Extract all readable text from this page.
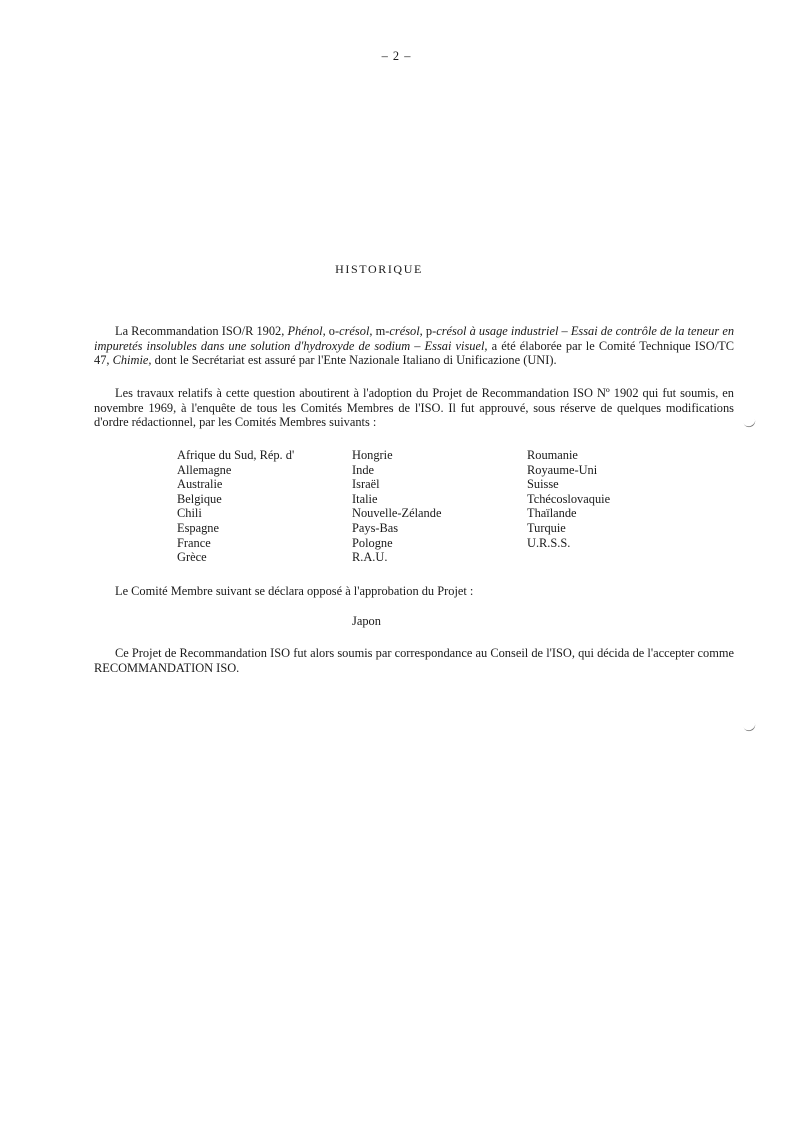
– 2 –
HISTORIQUE

La Recommandation ISO/R 1902, Phénol, o-crésol, m-crésol, p-crésol à usage industriel – Essai de contrôle de la teneur en impuretés insolubles dans une solution d'hydroxyde de sodium – Essai visuel, a été élaborée par le Comité Technique ISO/TC 47, Chimie, dont le Secrétariat est assuré par l'Ente Nazionale Italiano di Unificazione (UNI).

Les travaux relatifs à cette question aboutirent à l'adoption du Projet de Recommandation ISO Nº 1902 qui fut soumis, en novembre 1969, à l'enquête de tous les Comités Membres de l'ISO. Il fut approuvé, sous réserve de quelques modifications d'ordre rédactionnel, par les Comités Membres suivants :

Afrique du Sud, Rép. d'
Allemagne
Australie
Belgique
Chili
Espagne
France
Grèce
Hongrie
Inde
Israël
Italie
Nouvelle-Zélande
Pays-Bas
Pologne
R.A.U.
Roumanie
Royaume-Uni
Suisse
Tchécoslovaquie
Thaïlande
Turquie
U.R.S.S.

Le Comité Membre suivant se déclara opposé à l'approbation du Projet :

Japon

Ce Projet de Recommandation ISO fut alors soumis par correspondance au Conseil de l'ISO, qui décida de l'accepter comme RECOMMANDATION ISO.
